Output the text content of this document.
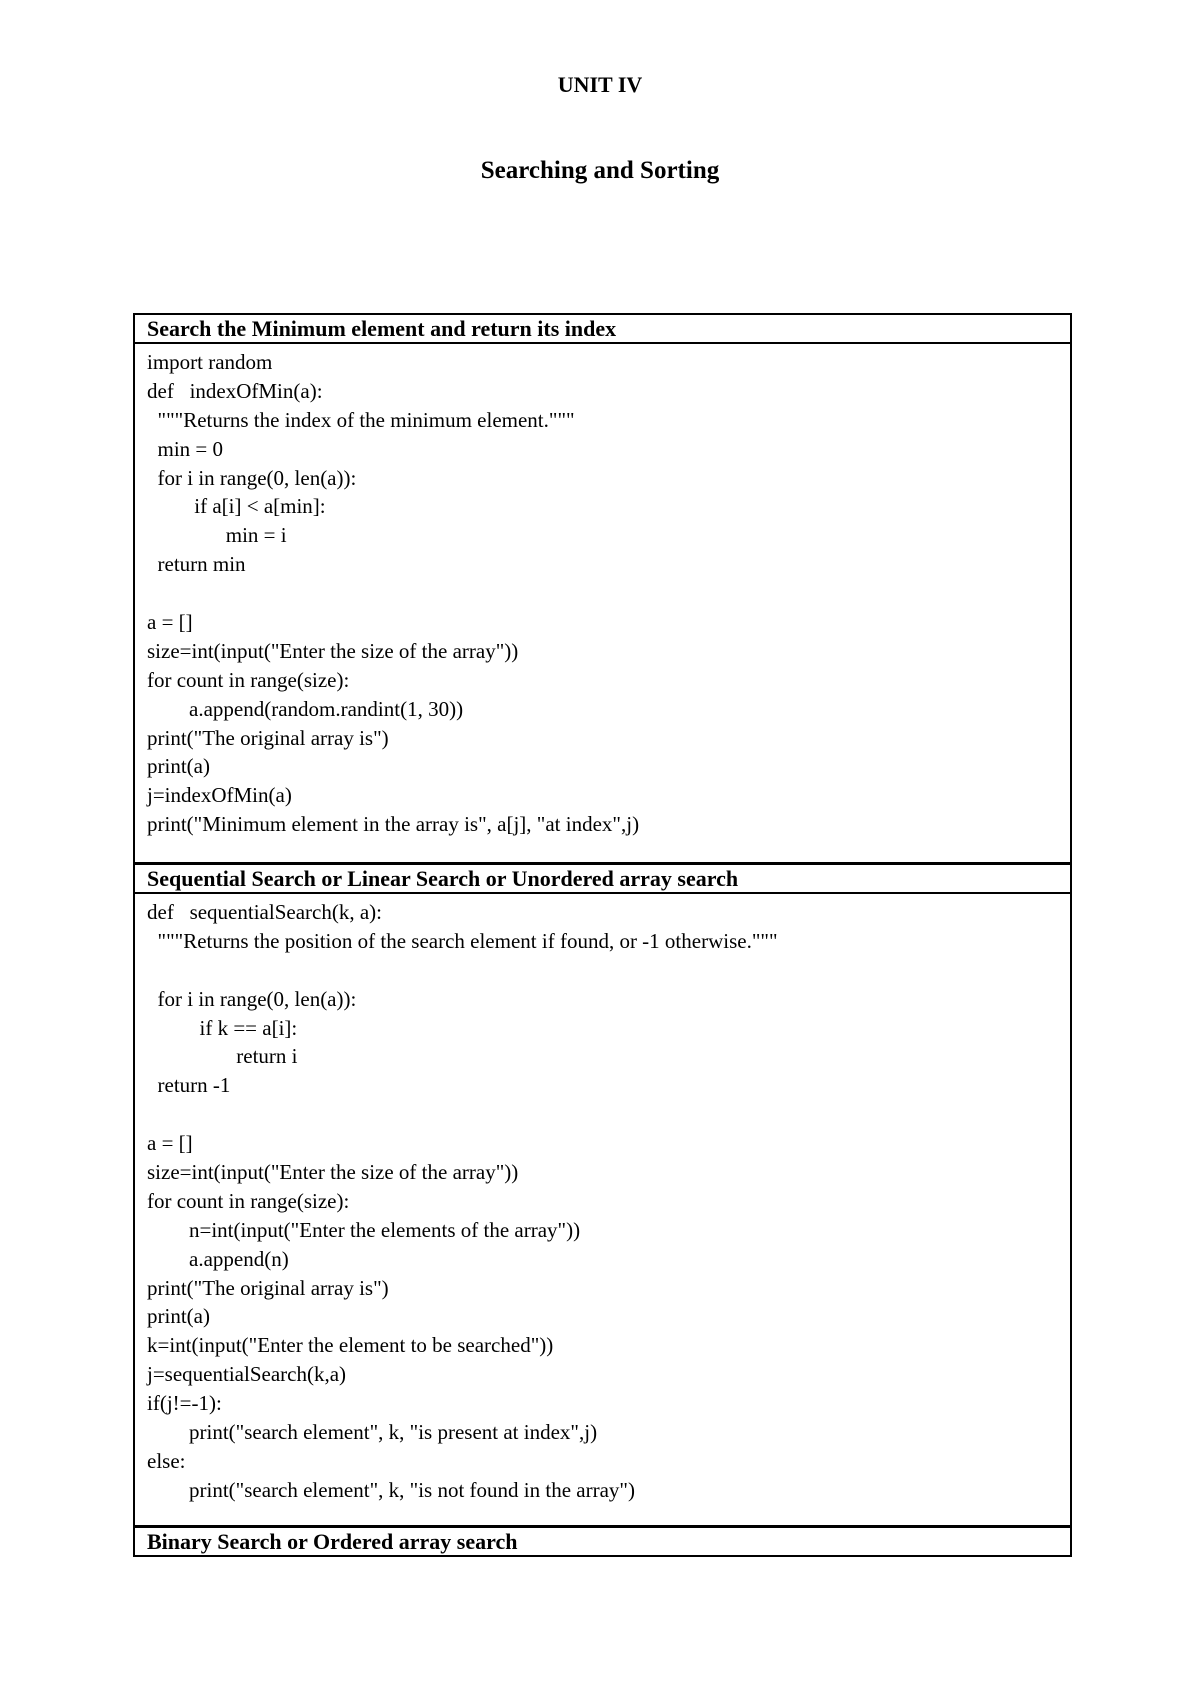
UNIT IV
Searching and Sorting
Search the Minimum element and return its index
import random
def   indexOfMin(a):
"""Returns the index of the minimum element."""
min = 0
for i in range(0, len(a)):
if a[i] < a[min]:
min = i
return min

a = []
size=int(input("Enter the size of the array"))
for count in range(size):
a.append(random.randint(1, 30))
print("The original array is")
print(a)
j=indexOfMin(a)
print("Minimum element in the array is", a[j], "at index",j)
Sequential Search or Linear Search or Unordered array search
def   sequentialSearch(k, a):
"""Returns the position of the search element if found, or -1 otherwise."""

for i in range(0, len(a)):
if k == a[i]:
return i
return -1

a = []
size=int(input("Enter the size of the array"))
for count in range(size):
n=int(input("Enter the elements of the array"))
a.append(n)
print("The original array is")
print(a)
k=int(input("Enter the element to be searched"))
j=sequentialSearch(k,a)
if(j!=-1):
print("search element", k, "is present at index",j)
else:
print("search element", k, "is not found in the array")
Binary Search or Ordered array search
